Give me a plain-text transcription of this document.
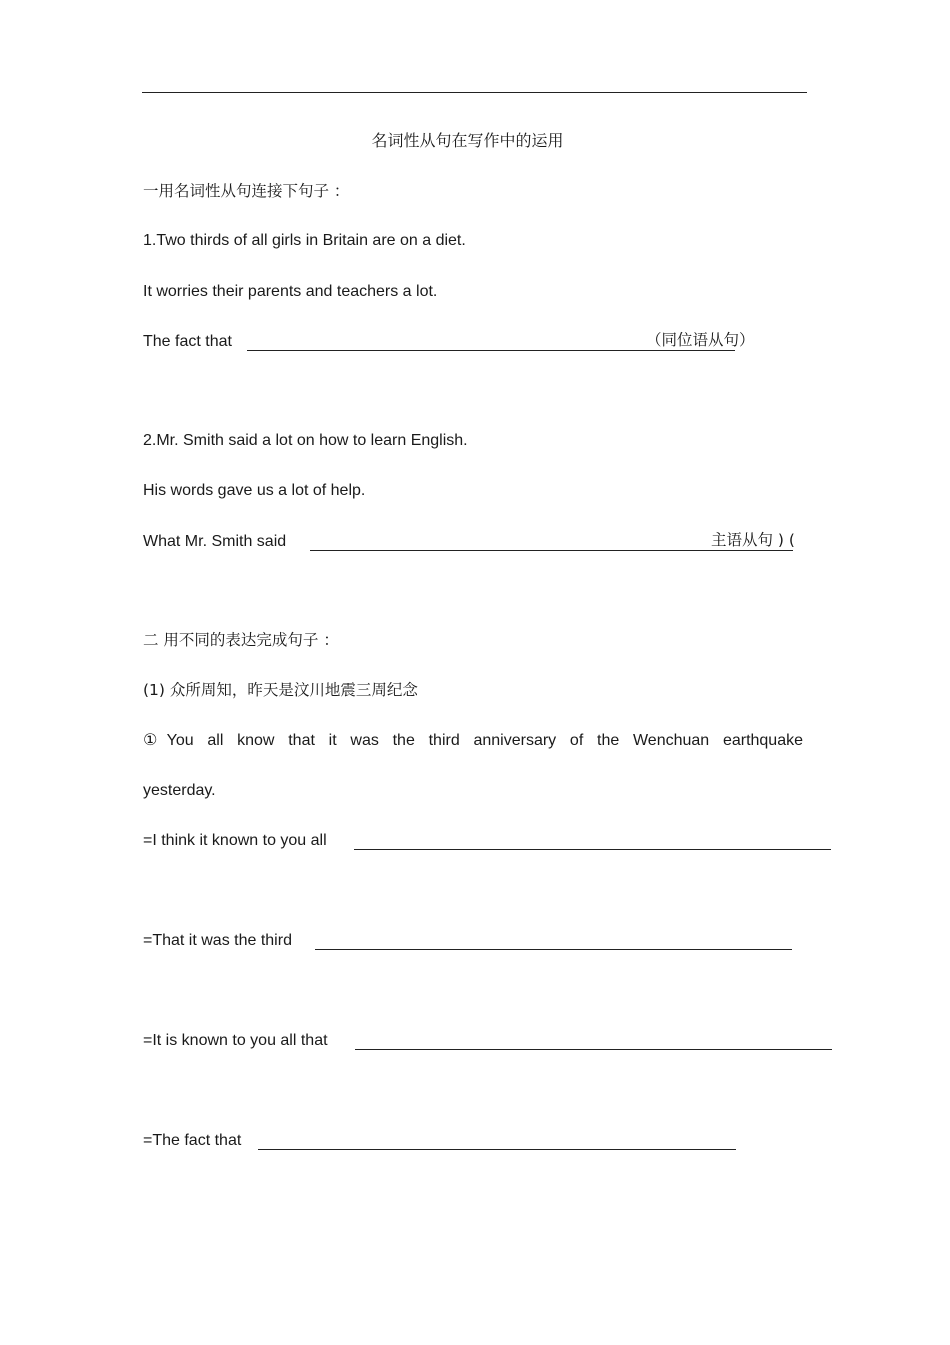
名词性从句在写作中的运用
一用名词性从句连接下句子 ：
1.Two thirds of all girls in Britain are on a diet.
It worries their parents and teachers a lot.
The fact that	（同位语从句）
2.Mr. Smith said a lot on how to learn English.
His words gave us a lot of help.
What Mr. Smith said	主语从句 ) (
二 用不同的表达完成句子 ：
(1) 众所周知，昨天是汶川地震三周纪念
①You all know that it was the third anniversary of the Wenchuan earthquake
yesterday.
=I think it known to you all
=That it was the third
=It is known to you all that
=The fact that
